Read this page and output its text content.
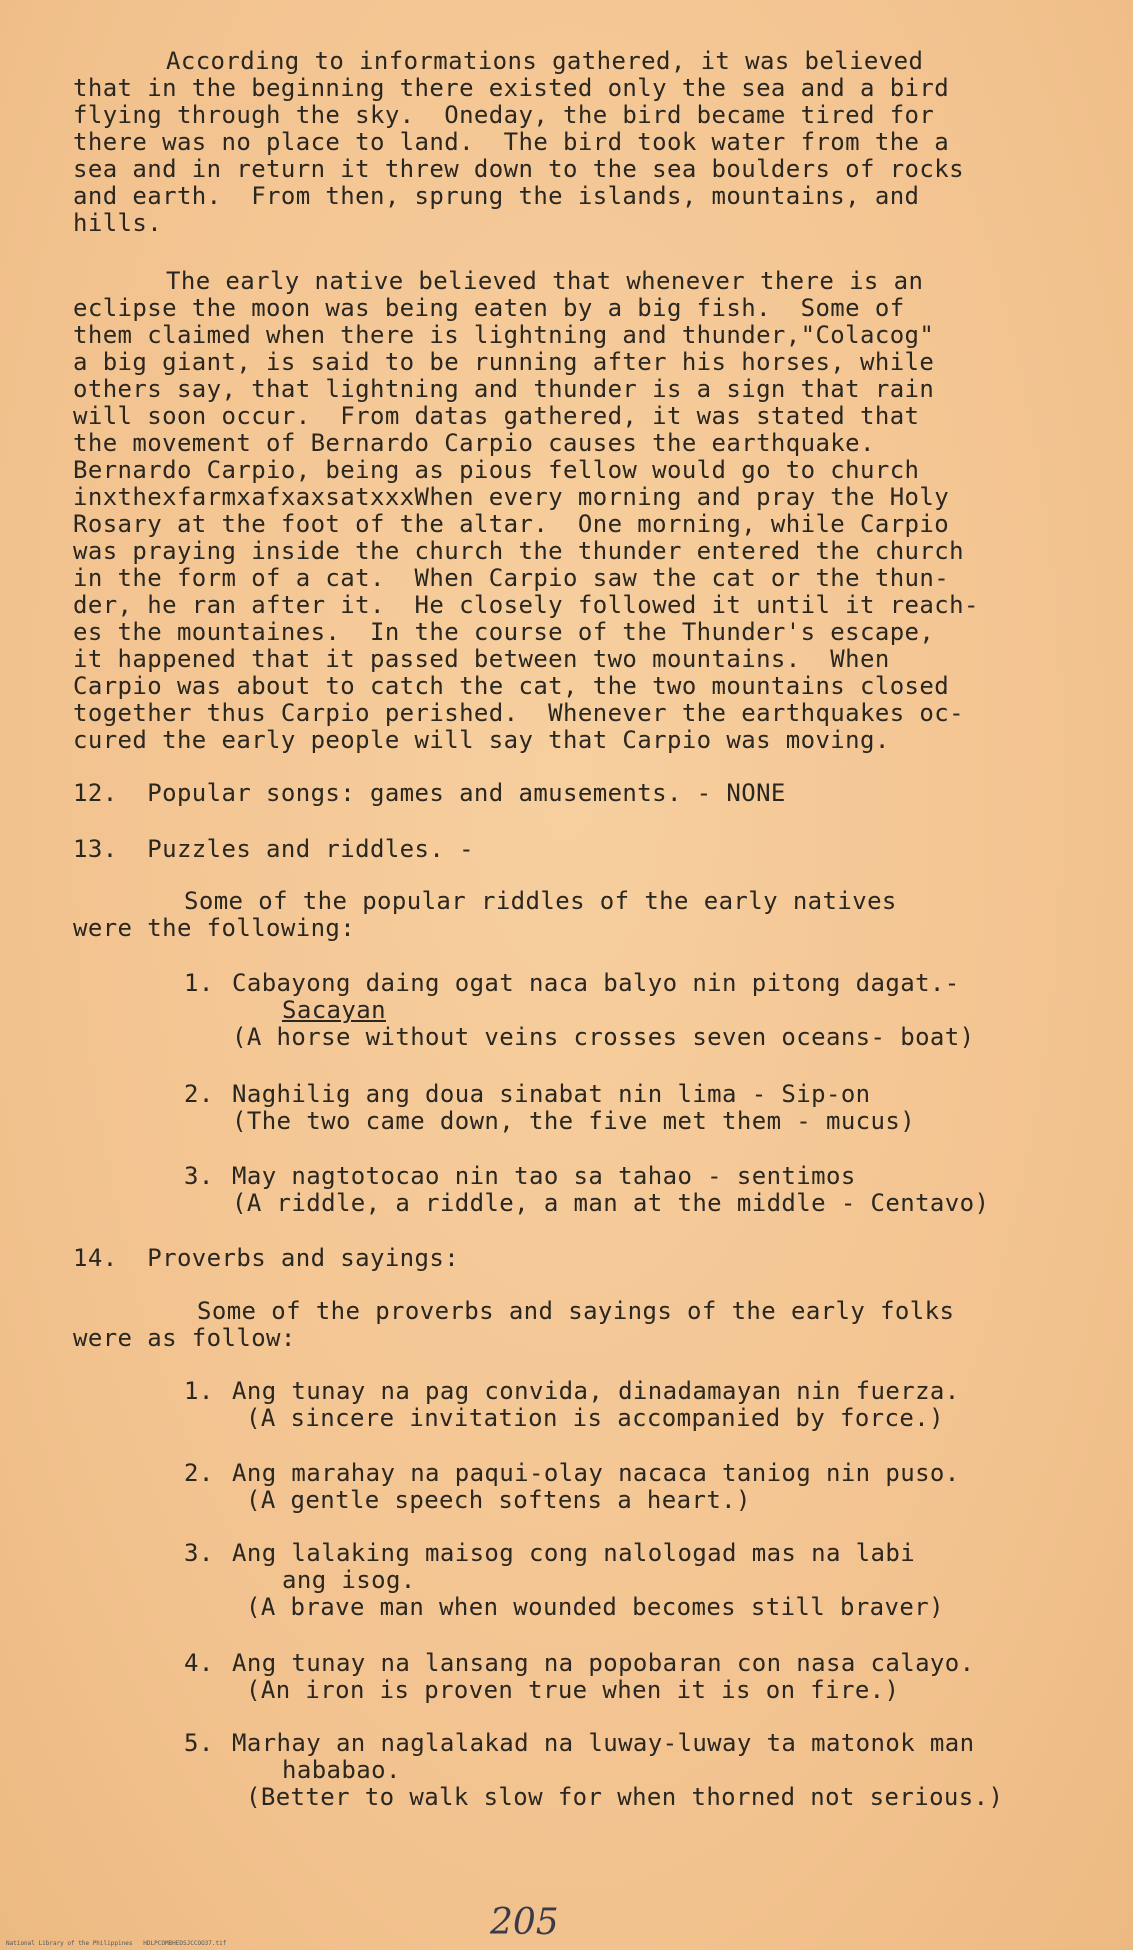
According to informations gathered, it was believed
that in the beginning there existed only the sea and a bird
flying through the sky.  Oneday, the bird became tired for
there was no place to land.  The bird took water from the a
sea and in return it threw down to the sea boulders of rocks
and earth.  From then, sprung the islands, mountains, and
hills.
The early native believed that whenever there is an
eclipse the moon was being eaten by a big fish.  Some of
them claimed when there is lightning and thunder,"Colacog"
a big giant, is said to be running after his horses, while
others say, that lightning and thunder is a sign that rain
will soon occur.  From datas gathered, it was stated that
the movement of Bernardo Carpio causes the earthquake.
Bernardo Carpio, being as pious fellow would go to church
inxthexfarmxafxaxsatxxxWhen every morning and pray the Holy
Rosary at the foot of the altar.  One morning, while Carpio
was praying inside the church the thunder entered the church
in the form of a cat.  When Carpio saw the cat or the thun-
der, he ran after it.  He closely followed it until it reach-
es the mountaines.  In the course of the Thunder's escape,
it happened that it passed between two mountains.  When
Carpio was about to catch the cat, the two mountains closed
together thus Carpio perished.  Whenever the earthquakes oc-
cured the early people will say that Carpio was moving.
12.  Popular songs: games and amusements. - NONE
13.  Puzzles and riddles. -
Some of the popular riddles of the early natives
were the following:
1. Cabayong daing ogat naca balyo nin pitong dagat.-
Sacayan
(A horse without veins crosses seven oceans- boat)
2. Naghilig ang doua sinabat nin lima - Sip-on
(The two came down, the five met them - mucus)
3. May nagtotocao nin tao sa tahao - sentimos
(A riddle, a riddle, a man at the middle - Centavo)
14.  Proverbs and sayings:
Some of the proverbs and sayings of the early folks
were as follow:
1. Ang tunay na pag convida, dinadamayan nin fuerza.
(A sincere invitation is accompanied by force.)
2. Ang marahay na paqui-olay nacaca taniog nin puso.
(A gentle speech softens a heart.)
3. Ang lalaking maisog cong nalologad mas na labi
ang isog.
(A brave man when wounded becomes still braver)
4. Ang tunay na lansang na popobaran con nasa calayo.
(An iron is proven true when it is on fire.)
5. Marhay an naglalakad na luway-luway ta matonok man
hababao.
(Better to walk slow for when thorned not serious.)
205
National Library of the Philippines   HDLPCOMBHEDSJCCOO37.tif
